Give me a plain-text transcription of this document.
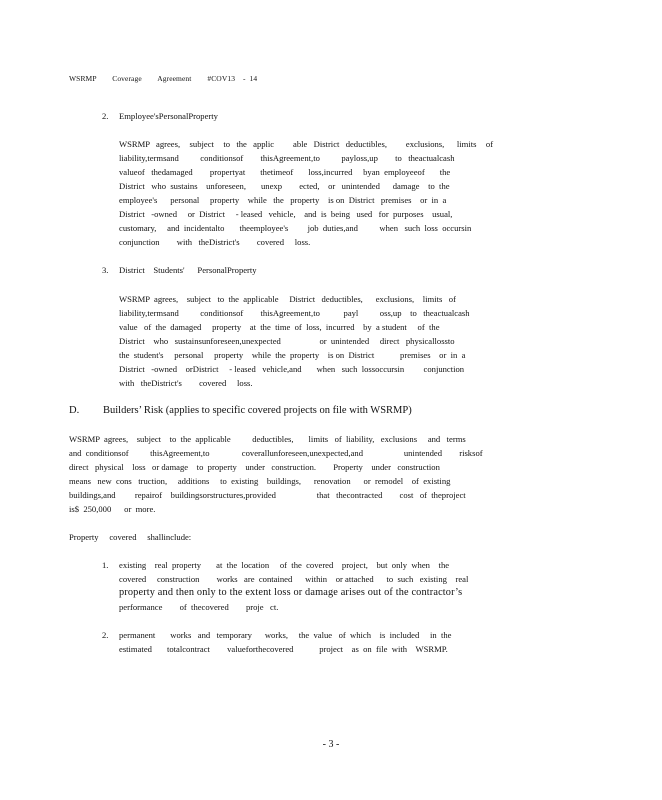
WSRMP    Coverage    Agreement    #COV13  - 14
2. Employee'sPersonalProperty
WSRMP  agrees,   subject   to  the  applic      able  District  deductibles,      exclusions,    limits   of
liability,termsand          conditionsof        thisAgreement,to          payloss,up        to   theactualcash
valueof   thedamaged        propertyat       thetimeof       loss,incurred     byan  employeeof       the
District   who  sustains    unforeseen,       unexp        ected,    or   unintended      damage    to  the
employee's      personal     property    while   the   property    is on  District   premises    or  in  a
District   -owned     or  District     - leased   vehicle,    and  is  being   used   for  purposes    usual,
customary,     and  incidentalto       theemployee's         job  duties,and          when   such  loss  occursin
conjunction        with   theDistrict's        covered     loss.
3. District    Students'      PersonalProperty
WSRMP  agrees,    subject   to  the  applicable     District   deductibles,      exclusions,    limits   of
liability,termsand          conditionsof        thisAgreement,to           payl          oss,up    to   theactualcash
value   of  the  damaged     property    at  the  time  of  loss,  incurred    by  a student     of  the
District    who   sustainsunforeseen,unexpected                  or  unintended     direct   physicallossto
the  student's     personal     property    while  the  property    is on  District            premises    or  in  a
District   -owned    orDistrict     - leased   vehicle,and       when   such  lossoccursin         conjunction
with   theDistrict's        covered     loss.
D. Builders’ Risk (applies to specific covered projects on file with WSRMP)
WSRMP  agrees,    subject    to  the  applicable          deductibles,       limits   of  liability,   exclusions     and   terms
and  conditionsof          thisAgreement,to               coverallunforeseen,unexpected,and                   unintended        risksof
direct   physical    loss   or damage    to  property    under   construction.        Property    under   construction
means   new  cons   truction,     additions     to  existing    buildings,      renovation      or  remodel    of  existing
buildings,and         repairof    buildingsorstructures,provided                   that   thecontracted        cost   of  theproject
is$  250,000      or  more.
Property     covered     shallinclude:
1. existing    real  property       at  the  location     of  the  covered    project,    but  only  when    the
covered     construction        works   are  contained      within    or attached      to  such   existing    real
property and then only to the extent loss or damage arises out of the contractor’s
performance        of  thecovered        proje   ct.
2. permanent       works   and   temporary      works,     the  value   of  which    is  included     in  the
estimated       totalcontract        valueforthecovered            project    as  on  file  with    WSRMP.
- 3 -
